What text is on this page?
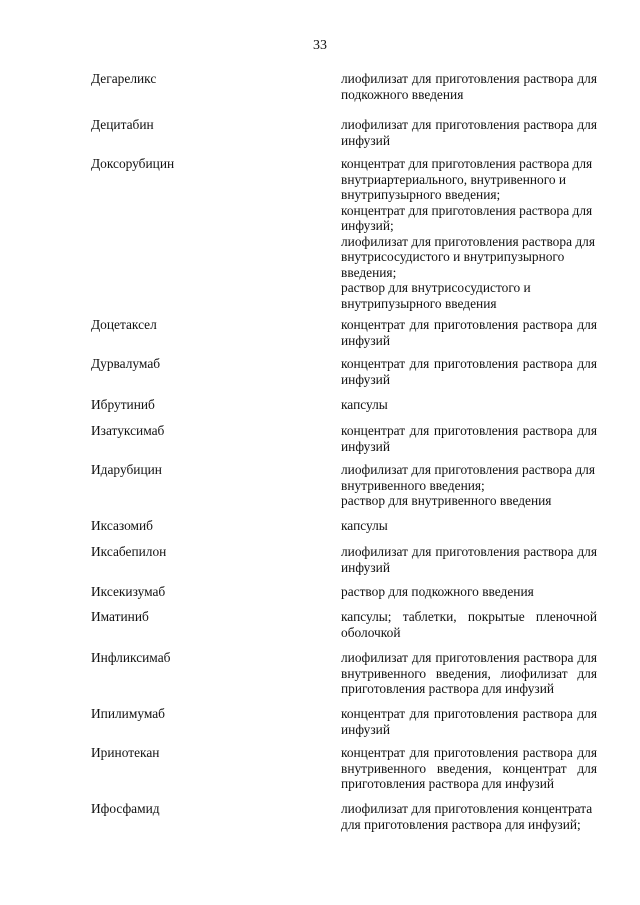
33
Дегареликс	лиофилизат для приготовления раствора для
подкожного введения
Децитабин	лиофилизат для приготовления раствора для
инфузий
Доксорубицин	концентрат для приготовления раствора для
внутриартериального, внутривенного и
внутрипузырного введения;
концентрат для приготовления раствора для
инфузий;
лиофилизат для приготовления раствора для
внутрисосудистого и внутрипузырного
введения;
раствор для внутрисосудистого и
внутрипузырного введения
Доцетаксел	концентрат для приготовления раствора для
инфузий
Дурвалумаб	концентрат для приготовления раствора для
инфузий
Ибрутиниб	капсулы
Изатуксимаб	концентрат для приготовления раствора для
инфузий
Идарубицин	лиофилизат для приготовления раствора для
внутривенного введения;
раствор для внутривенного введения
Иксазомиб	капсулы
Иксабепилон	лиофилизат для приготовления раствора для
инфузий
Иксекизумаб	раствор для подкожного введения
Иматиниб	капсулы; таблетки, покрытые пленочной
оболочкой
Инфликсимаб	лиофилизат для приготовления раствора для
внутривенного введения, лиофилизат для
приготовления раствора для инфузий
Ипилимумаб	концентрат для приготовления раствора для
инфузий
Иринотекан	концентрат для приготовления раствора для
внутривенного введения, концентрат для
приготовления раствора для инфузий
Ифосфамид	лиофилизат для приготовления концентрата
для приготовления раствора для инфузий;
